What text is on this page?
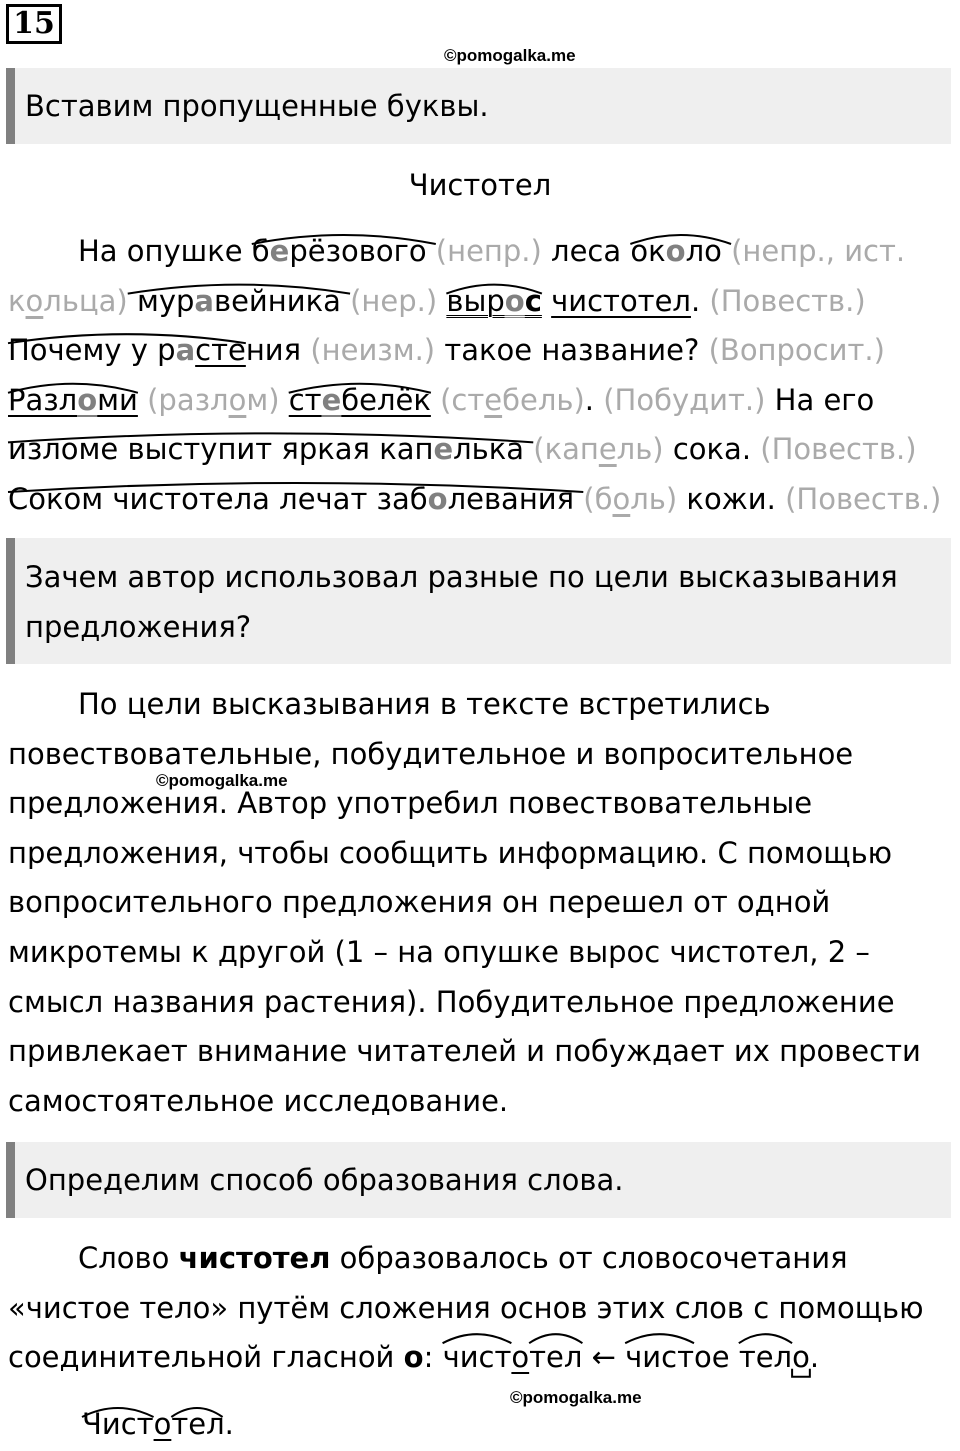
15
©pomogalka.me
Вставим пропущенные буквы.
Чистотел
На опушке берёзового (непр.) леса около (непр., ист.
кольца) муравейника (нер.) вырос чистотел. (Повеств.)
Почему у растения (неизм.) такое название? (Вопросит.)
Разломи (разлом) стебелёк (стебель). (Побудит.) На его
изломе выступит яркая капелька (капель) сока. (Повеств.)
Соком чистотела лечат заболевания (боль) кожи. (Повеств.)
Зачем автор использовал разные по цели высказывания
предложения?
По цели высказывания в тексте встретились
повествовательные, побудительное и вопросительное
предложения. Автор употребил повествовательные
предложения, чтобы сообщить информацию. С помощью
вопросительного предложения он перешел от одной
микротемы к другой (1 – на опушке вырос чистотел, 2 –
смысл названия растения). Побудительное предложение
привлекает внимание читателей и побуждает их провести
самостоятельное исследование.
©pomogalka.me
Определим способ образования слова.
Слово чистотел образовалось от словосочетания
«чистое тело» путём сложения основ этих слов с помощью
соединительной гласной о: чистотел ← чистое тело.
©pomogalka.me
Чистотел.
